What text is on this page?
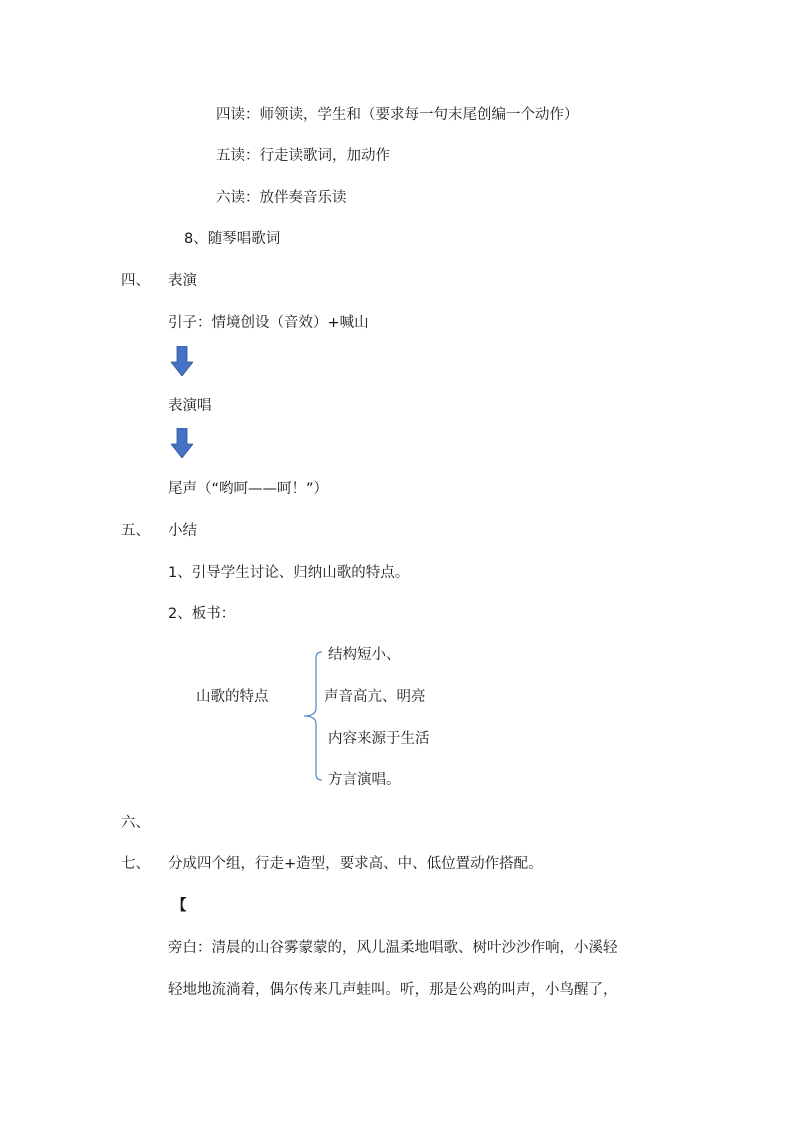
四读：师领读，学生和（要求每一句末尾创编一个动作）
五读：行走读歌词，加动作
六读：放伴奏音乐读
8、随琴唱歌词
四、 表演
引子：情境创设（音效）+喊山
表演唱
尾声（“哟呵——呵！”）
五、 小结
1、引导学生讨论、归纳山歌的特点。
2、板书：
山歌的特点
结构短小、
声音高亢、明亮
内容来源于生活
方言演唱。
六、
七、 分成四个组，行走+造型，要求高、中、低位置动作搭配。
【
旁白：清晨的山谷雾蒙蒙的，风儿温柔地唱歌、树叶沙沙作响，小溪轻
轻地地流淌着，偶尔传来几声蛙叫。听，那是公鸡的叫声，小鸟醒了，
